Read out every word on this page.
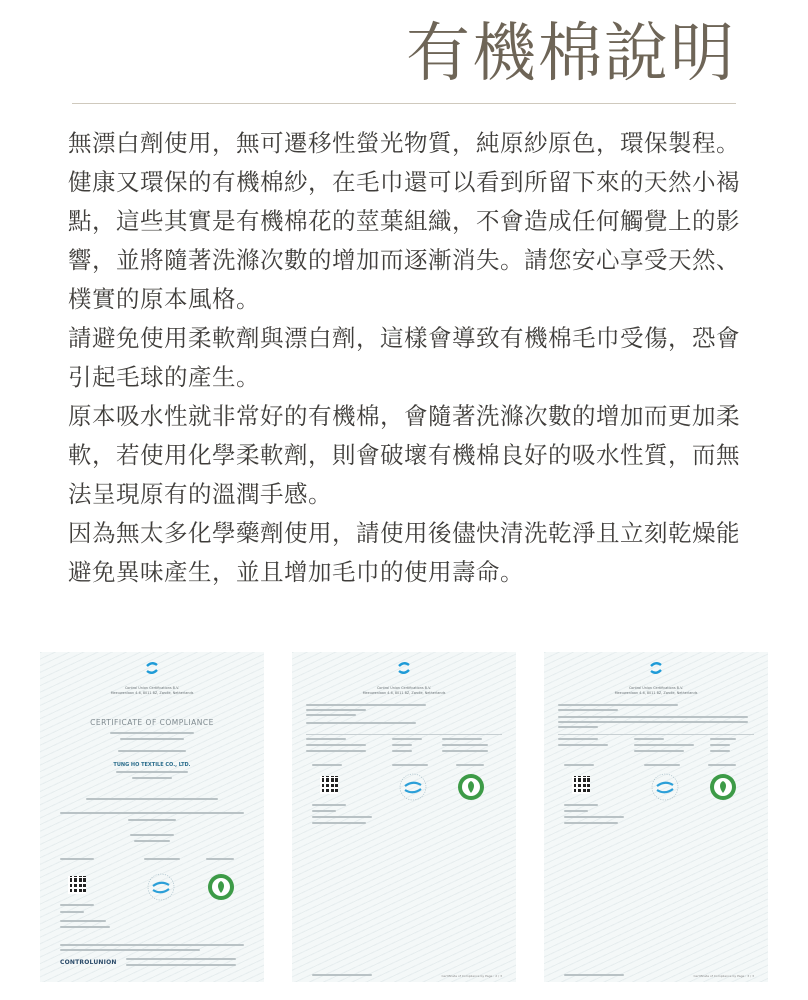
有機棉說明

無漂白劑使用，無可遷移性螢光物質，純原紗原色，環保製程。健康又環保的有機棉紗，在毛巾還可以看到所留下來的天然小褐點，這些其實是有機棉花的莖葉組織，不會造成任何觸覺上的影響，並將隨著洗滌次數的增加而逐漸消失。請您安心享受天然、樸實的原本風格。

請避免使用柔軟劑與漂白劑，這樣會導致有機棉毛巾受傷，恐會引起毛球的產生。

原本吸水性就非常好的有機棉，會隨著洗滌次數的增加而更加柔軟，若使用化學柔軟劑，則會破壞有機棉良好的吸水性質，而無法呈現原有的溫潤手感。

因為無太多化學藥劑使用，請使用後儘快清洗乾淨且立刻乾燥能避免異味產生，並且增加毛巾的使用壽命。

Control Union Certifications B.V.
Meeuwenlaan 4-6, 8011 BZ, Zwolle, Netherlands
CERTIFICATE OF COMPLIANCE
TUNG HO TEXTILE CO., LTD.
CONTROLUNION
Control Union Certifications B.V.
Meeuwenlaan 4-6, 8011 BZ, Zwolle, Netherlands
Certificate of Compliance by Page : 2 / 3
Control Union Certifications B.V.
Meeuwenlaan 4-6, 8011 BZ, Zwolle, Netherlands
Certificate of Compliance by Page : 3 / 3
